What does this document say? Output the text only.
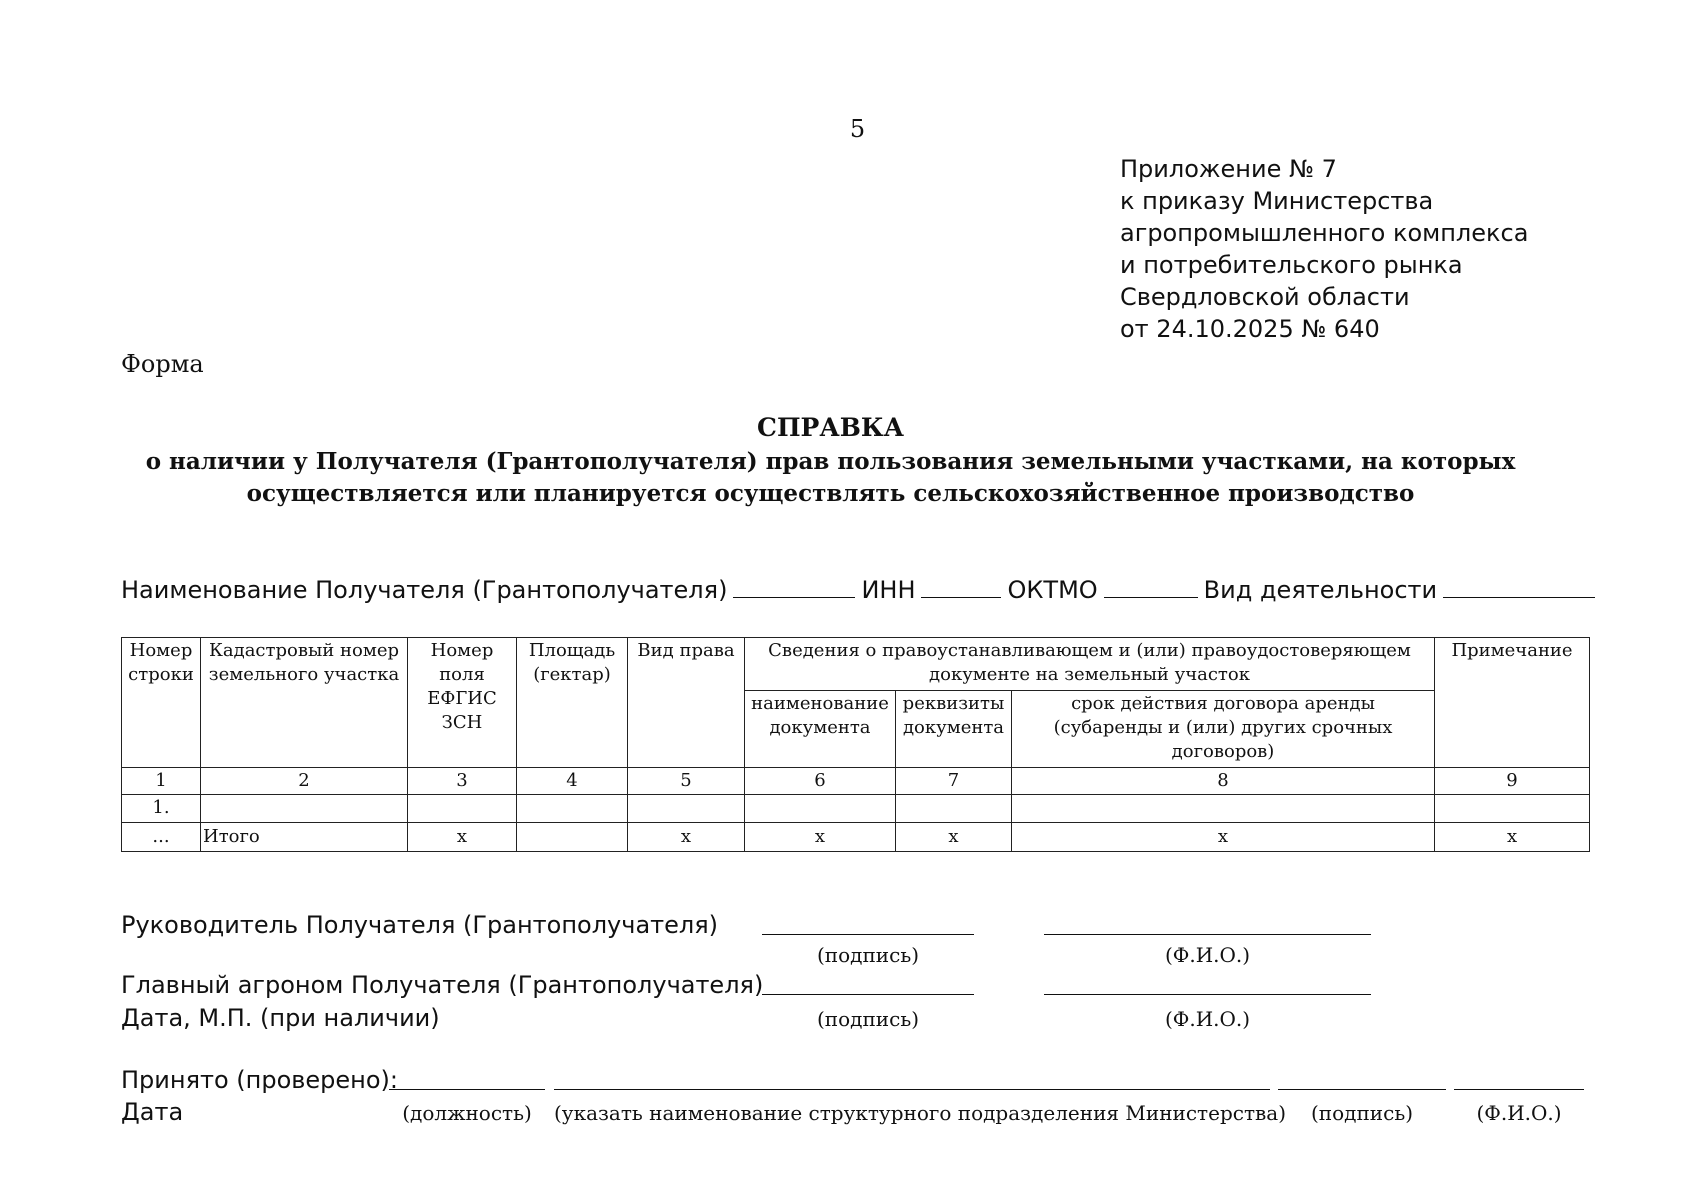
5
Приложение № 7
к приказу Министерства
агропромышленного комплекса
и потребительского рынка
Свердловской области
от 24.10.2025 № 640
Форма
СПРАВКА
о наличии у Получателя (Грантополучателя) прав пользования земельными участками, на которых
осуществляется или планируется осуществлять сельскохозяйственное производство
Наименование Получателя (Грантополучателя)	ИНН	ОКТМО	Вид деятельности
Номер строки	Кадастровый номер земельного участка	Номер поля ЕФГИС ЗСН	Площадь (гектар)	Вид права	Сведения о правоустанавливающем и (или) правоудостоверяющем документе на земельный участок			Примечание
					наименование документа	реквизиты документа	срок действия договора аренды (субаренды и (или) других срочных договоров)	
1	2	3	4	5	6	7	8	9
1.								
...	Итого	х		х	х	х	х	х
Руководитель Получателя (Грантополучателя)
(подпись)	(Ф.И.О.)
Главный агроном Получателя (Грантополучателя)
Дата, М.П. (при наличии)	(подпись)	(Ф.И.О.)
Принято (проверено):
Дата	(должность)	(указать наименование структурного подразделения Министерства)	(подпись)	(Ф.И.О.)
